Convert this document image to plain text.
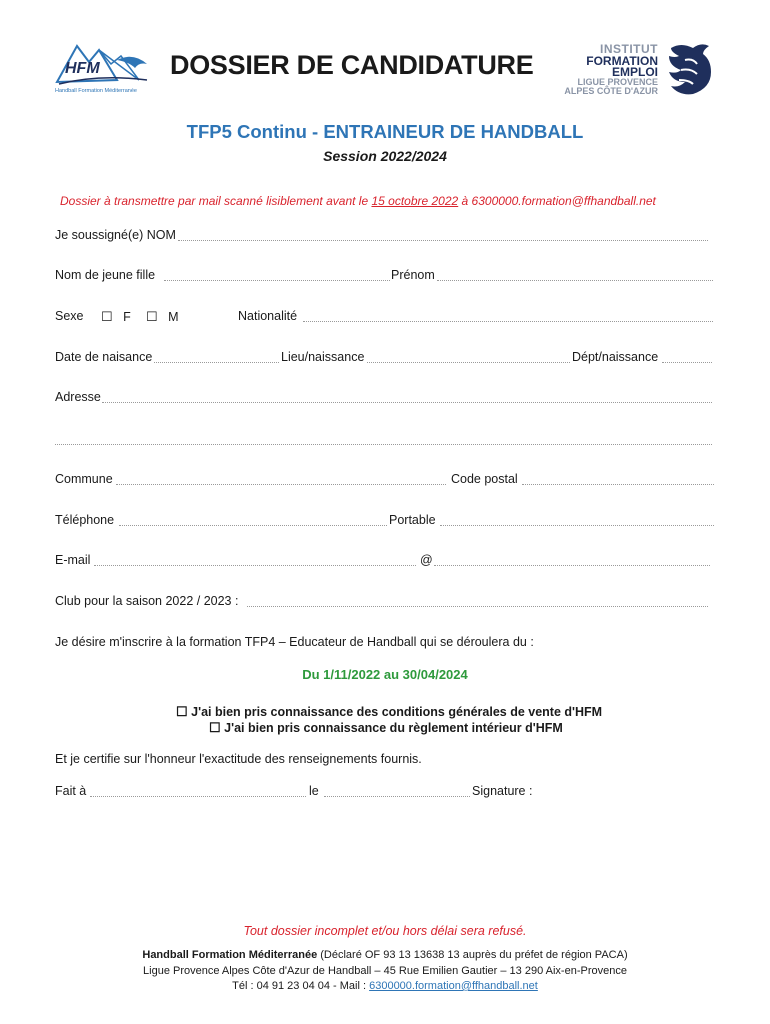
HFM
Handball Formation Méditerranée
DOSSIER DE CANDIDATURE
INSTITUT
FORMATION
EMPLOI
LIGUE PROVENCE
ALPES CÔTE D'AZUR
TFP5 Continu - ENTRAINEUR DE HANDBALL
Session 2022/2024
Dossier à transmettre par mail scanné lisiblement avant le 15 octobre 2022 à 6300000.formation@ffhandball.net
Je soussigné(e) NOM
Nom de jeune fille	Prénom
Sexe ☐ F ☐ M	Nationalité
Date de naisance	Lieu/naissance	Dépt/naissance
Adresse
Commune	Code postal
Téléphone	Portable
E-mail	@
Club pour la saison 2022 / 2023 :
Je désire m'inscrire à la formation TFP4 – Educateur de Handball qui se déroulera du :
Du 1/11/2022 au 30/04/2024
☐ J'ai bien pris connaissance des conditions générales de vente d'HFM
☐ J'ai bien pris connaissance du règlement intérieur d'HFM
Et je certifie sur l'honneur l'exactitude des renseignements fournis.
Fait à	le	Signature :
Tout dossier incomplet et/ou hors délai sera refusé.
Handball Formation Méditerranée (Déclaré OF 93 13 13638 13 auprès du préfet de région PACA)
Ligue Provence Alpes Côte d'Azur de Handball – 45 Rue Emilien Gautier – 13 290 Aix-en-Provence
Tél : 04 91 23 04 04 - Mail : 6300000.formation@ffhandball.net
